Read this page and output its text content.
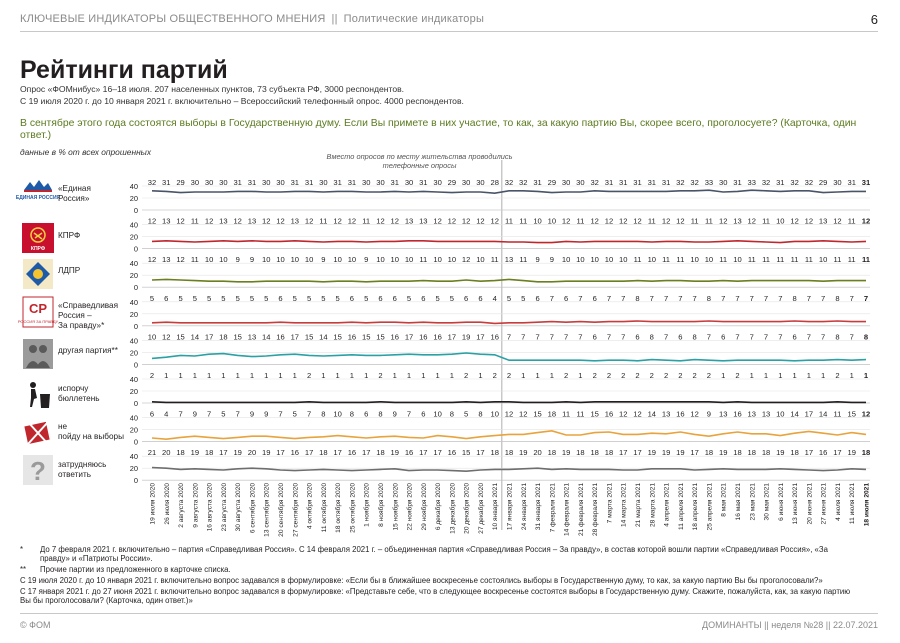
КЛЮЧЕВЫЕ ИНДИКАТОРЫ ОБЩЕСТВЕННОГО МНЕНИЯ || Политические индикаторы	6
Рейтинги партий
Опрос «ФОМнибус» 16–18 июля. 207 населенных пунктов, 73 субъекта РФ, 3000 респондентов.
С 19 июля 2020 г. до 10 января 2021 г. включительно – Всероссийский телефонный опрос. 4000 респондентов.
В сентябре этого года состоятся выборы в Государственную думу. Если Вы примете в них участие, то как, за какую партию Вы, скорее всего, проголосуете? (Карточка, один ответ.)
данные в % от всех опрошенных	Вместо опросов по месту жительства проводились телефонные опросы
ЕДИНАЯ РОССИЯ
КПРФ
СР
РОССИЯ ЗА ПРАВДУ
?
«Единая Россия»
КПРФ
ЛДПР
«Справедливая Россия – За правду»*
другая партия**
испорчу бюллетень
не пойду на выборы
затрудняюсь ответить
0
20
40 32 31 29 30 30 30 31 31 30 30 31 31 30 31 31 30 30 31 30 31 30 29 30 30 28 32 32 31 29 30 30 32 31 31 31 31 31 32 32 33 30 31 33 32 31 32 32 29 30 31 31
0
20
40 12 13 12 11 12 13 12 13 12 12 13 12 11 12 12 11 12 12 13 13 12 12 12 12 12 11 11 10 10 12 11 12 12 12 12 11 12 12 11 11 12 13 12 11 10 12 12 13 12 11 12
0
20
40 12 13 12 11 10 10 9 9 10 10 10 10 9 10 10 9 10 10 10 11 10 10 12 10 11 13 11 9 9 10 10 10 10 10 11 10 11 11 10 10 11 10 11 11 11 11 11 10 11 11 11
0
20
40 5 6 5 5 5 5 5 5 5 6 5 5 5 5 6 5 6 6 5 6 5 5 6 6 4 5 5 6 7 6 7 6 7 7 8 7 7 7 7 8 7 7 7 7 7 8 7 7 8 7 7
0
20
40 10 12 15 14 17 18 15 13 14 16 17 15 14 15 16 15 15 16 17 16 16 17 19 17 16 7 7 7 7 7 7 6 7 7 6 8 7 6 8 7 6 7 7 7 7 6 7 7 8 7 8
0
20
40 2 1 1 1 1 1 1 1 1 1 1 2 1 1 1 1 2 1 1 1 1 1 2 1 2 2 1 1 1 2 1 2 2 2 2 2 2 2 2 2 1 2 1 1 1 1 1 1 2 1 1
0
20
40 6 4 7 9 7 5 7 9 9 7 5 7 8 10 8 6 8 9 7 6 10 8 5 8 10 12 12 15 18 11 11 15 16 12 12 14 13 16 12 9 13 16 13 13 10 14 17 14 11 15 12
0
20
40 21 20 18 19 18 17 19 20 19 17 16 17 18 17 16 17 18 19 16 17 17 16 15 17 18 18 19 20 18 19 18 18 18 17 17 19 19 19 17 18 19 18 18 18 19 18 17 16 17 19 18
19 июля 2020 26 июля 2020 2 августа 2020 9 августа 2020 16 августа 2020 23 августа 2020 30 августа 2020 6 сентября 2020 13 сентября 2020 20 сентября 2020 27 сентября 2020 4 октября 2020 11 октября 2020 18 октября 2020 25 октября 2020 1 ноября 2020 8 ноября 2020 15 ноября 2020 22 ноября 2020 29 ноября 2020 6 декабря 2020 13 декабря 2020 20 декабря 2020 27 декабря 2020 10 января 2021 17 января 2021 24 января 2021 31 января 2021 7 февраля 2021 14 февраля 2021 21 февраля 2021 28 февраля 2021 7 марта 2021 14 марта 2021 21 марта 2021 28 марта 2021 4 апреля 2021 11 апреля 2021 18 апреля 2021 25 апреля 2021 8 мая 2021 16 мая 2021 23 мая 2021 30 мая 2021 6 июня 2021 13 июня 2021 20 июня 2021 27 июня 2021 4 июля 2021 11 июля 2021 18 июля 2021
*	До 7 февраля 2021 г. включительно – партия «Справедливая Россия». С 14 февраля 2021 г. – объединенная партия «Справедливая Россия – За правду», в состав которой вошли партии «Справедливая Россия», «За правду» и «Патриоты России».
**	Прочие партии из предложенного в карточке списка.
С 19 июля 2020 г. до 10 января 2021 г. включительно вопрос задавался в формулировке: «Если бы в ближайшее воскресенье состоялись выборы в Государственную думу, то как, за какую партию Вы бы проголосовали?»
С 17 января 2021 г. до 27 июня 2021 г. включительно вопрос задавался в формулировке: «Представьте себе, что в следующее воскресенье состоятся выборы в Государственную думу. Скажите, пожалуйста, как, за какую партию Вы бы проголосовали? (Карточка, один ответ.)»
© ФОМ	ДОМИНАНТЫ || неделя №28 || 22.07.2021
